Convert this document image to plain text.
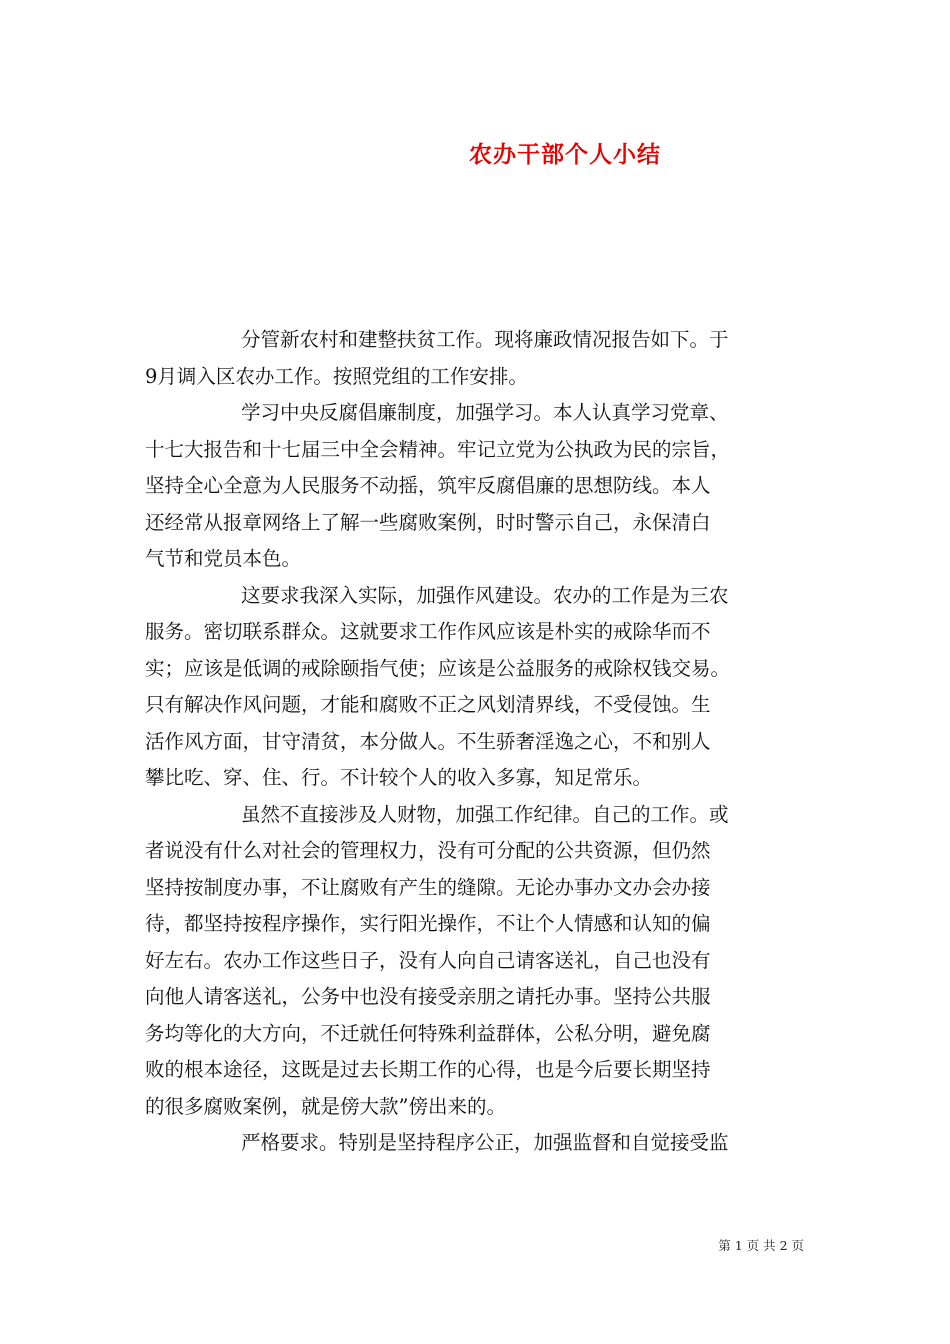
农办干部个人小结
分管新农村和建整扶贫工作。现将廉政情况报告如下。于
9月调入区农办工作。按照党组的工作安排。
学习中央反腐倡廉制度，加强学习。本人认真学习党章、
十七大报告和十七届三中全会精神。牢记立党为公执政为民的宗旨，
坚持全心全意为人民服务不动摇，筑牢反腐倡廉的思想防线。本人
还经常从报章网络上了解一些腐败案例，时时警示自己，永保清白
气节和党员本色。
这要求我深入实际，加强作风建设。农办的工作是为三农
服务。密切联系群众。这就要求工作作风应该是朴实的戒除华而不
实；应该是低调的戒除颐指气使；应该是公益服务的戒除权钱交易。
只有解决作风问题，才能和腐败不正之风划清界线，不受侵蚀。生
活作风方面，甘守清贫，本分做人。不生骄奢淫逸之心，不和别人
攀比吃、穿、住、行。不计较个人的收入多寡，知足常乐。
虽然不直接涉及人财物，加强工作纪律。自己的工作。或
者说没有什么对社会的管理权力，没有可分配的公共资源，但仍然
坚持按制度办事，不让腐败有产生的缝隙。无论办事办文办会办接
待，都坚持按程序操作，实行阳光操作，不让个人情感和认知的偏
好左右。农办工作这些日子，没有人向自己请客送礼，自己也没有
向他人请客送礼，公务中也没有接受亲朋之请托办事。坚持公共服
务均等化的大方向，不迁就任何特殊利益群体，公私分明，避免腐
败的根本途径，这既是过去长期工作的心得，也是今后要长期坚持
的很多腐败案例，就是傍大款”傍出来的。
严格要求。特别是坚持程序公正，加强监督和自觉接受监
第 1 页 共 2 页
